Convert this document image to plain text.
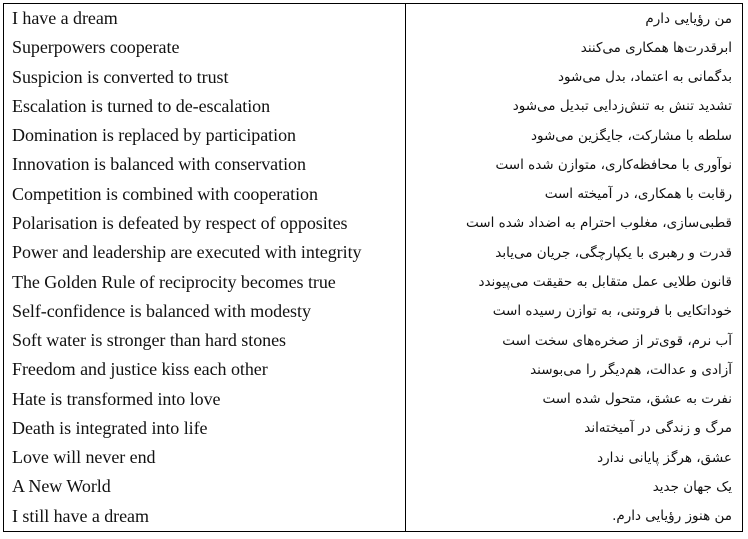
I have a dream	من رؤیایی دارم
Superpowers cooperate	ابرقدرت‌ها همکاری می‌کنند
Suspicion is converted to trust	بدگمانی به اعتماد، بدل می‌شود
Escalation is turned to de-escalation	تشدید تنش به تنش‌زدایی تبدیل می‌شود
Domination is replaced by participation	سلطه با مشارکت، جایگزین می‌شود
Innovation is balanced with conservation	نوآوری با محافظه‌کاری، متوازن شده است
Competition is combined with cooperation	رقابت با همکاری، در آمیخته است
Polarisation is defeated by respect of opposites	قطبی‌سازی، مغلوب احترام به اضداد شده است
Power and leadership are executed with integrity	قدرت و رهبری با یکپارچگی، جریان می‌یابد
The Golden Rule of reciprocity becomes true	قانون طلایی عمل متقابل به حقیقت می‌پیوندد
Self-confidence is balanced with modesty	خوداتکایی با فروتنی، به توازن رسیده است
Soft water is stronger than hard stones	آب نرم، قوی‌تر از صخره‌های سخت است
Freedom and justice kiss each other	آزادی و عدالت، هم‌دیگر را می‌بوسند
Hate is transformed into love	نفرت به عشق، متحول شده است
Death is integrated into life	مرگ و زندگی در آمیخته‌اند
Love will never end	عشق، هرگز پایانی ندارد
A New World	یک جهان جدید
I still have a dream	من هنوز رؤیایی دارم.
